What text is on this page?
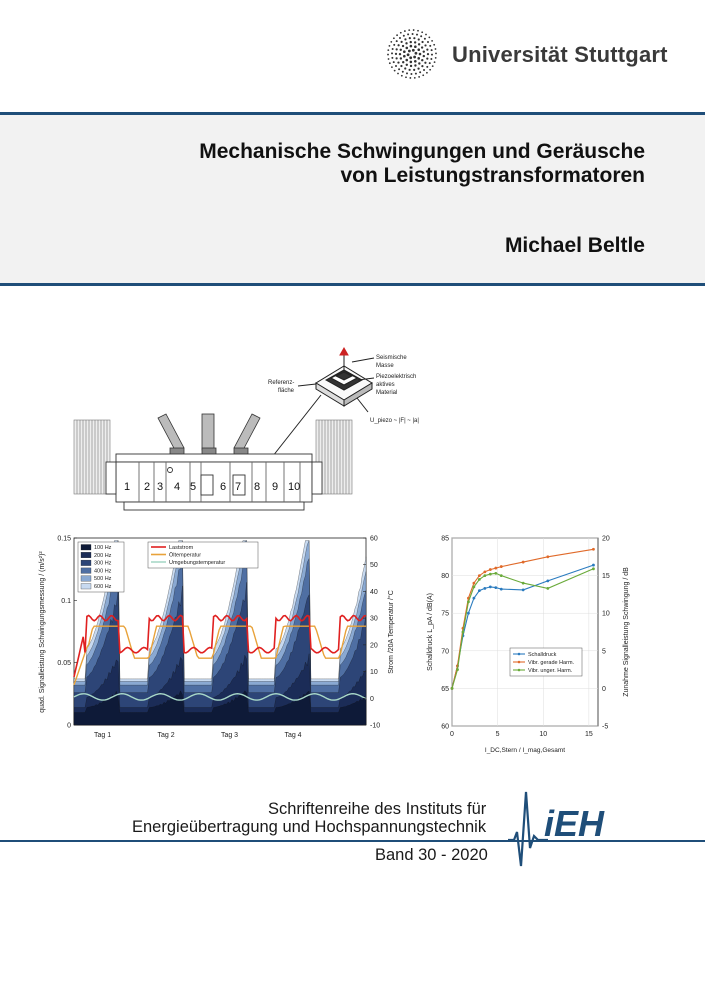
Universität Stuttgart
Mechanische Schwingungen und Geräusche
von Leistungstransformatoren
Michael Beltle
Seismische
Masse
Piezoelektrisch
aktives
Material
Referenz-
fläche
U_piezo ~ |F| ~ |a|
1 2 3 4 5 6 7 8 9 10
0
0.05
0.1
0.15
-10
0
10
20
30
40
50
60
Tag 1	Tag 2	Tag 3	Tag 4
quad. Signalleistung Schwingungsmessung / (m/s²)²	Strom /20A Temperatur /°C
100 Hz
200 Hz
300 Hz
400 Hz
500 Hz
600 Hz
Laststrom
Öltemperatur
Umgebungstemperatur
60
65
70
75
80
85
-5
0
5
10
15
20
0	5	10	15
I_DC,Stern / I_mag,Gesamt
Schalldruck L_pA / dB(A)	Zunahme Signalleistung Schwingung / dB
Schalldruck
Vibr. gerade Harm.
Vibr. unger. Harm.
Schriftenreihe des Instituts für
Energieübertragung und Hochspannungstechnik
Band 30 - 2020
iEH
